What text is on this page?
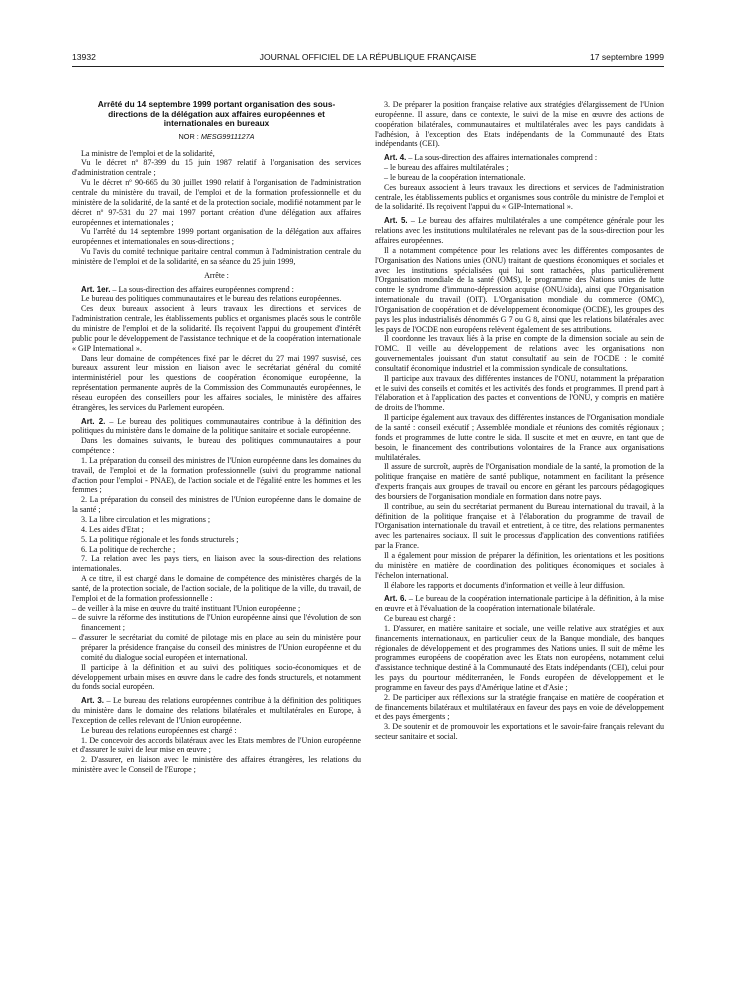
13932	JOURNAL OFFICIEL DE LA RÉPUBLIQUE FRANÇAISE	17 septembre 1999
Arrêté du 14 septembre 1999 portant organisation des sous-directions de la délégation aux affaires européennes et internationales en bureaux
NOR : MESG9911127A

La ministre de l'emploi et de la solidarité,

Vu le décret nº 87-399 du 15 juin 1987 relatif à l'organisation des services d'administration centrale ;

Vu le décret nº 90-665 du 30 juillet 1990 relatif à l'organisation de l'administration centrale du ministère du travail, de l'emploi et de la formation professionnelle et du ministère de la solidarité, de la santé et de la protection sociale, modifié notamment par le décret nº 97-531 du 27 mai 1997 portant création d'une délégation aux affaires européennes et internationales ;

Vu l'arrêté du 14 septembre 1999 portant organisation de la délégation aux affaires européennes et internationales en sous-directions ;

Vu l'avis du comité technique paritaire central commun à l'administration centrale du ministère de l'emploi et de la solidarité, en sa séance du 25 juin 1999,

Arrête :

Art. 1er. – La sous-direction des affaires européennes comprend :

Le bureau des politiques communautaires et le bureau des relations européennes.

Ces deux bureaux associent à leurs travaux les directions et services de l'administration centrale, les établissements publics et organismes placés sous le contrôle du ministre de l'emploi et de la solidarité. Ils reçoivent l'appui du groupement d'intérêt public pour le développement de l'assistance technique et de la coopération internationale « GIP International ».

Dans leur domaine de compétences fixé par le décret du 27 mai 1997 susvisé, ces bureaux assurent leur mission en liaison avec le secrétariat général du comité interministériel pour les questions de coopération économique européenne, la représentation permanente auprès de la Commission des Communautés européennes, le réseau européen des conseillers pour les affaires sociales, le ministère des affaires étrangères, les services du Parlement européen.

Art. 2. – Le bureau des politiques communautaires contribue à la définition des politiques du ministère dans le domaine de la politique sanitaire et sociale européenne.

Dans les domaines suivants, le bureau des politiques communautaires a pour compétence :

1. La préparation du conseil des ministres de l'Union européenne dans les domaines du travail, de l'emploi et de la formation professionnelle (suivi du programme national d'action pour l'emploi - PNAE), de l'action sociale et de l'égalité entre les hommes et les femmes ;

2. La préparation du conseil des ministres de l'Union européenne dans le domaine de la santé ;

3. La libre circulation et les migrations ;

4. Les aides d'Etat ;

5. La politique régionale et les fonds structurels ;

6. La politique de recherche ;

7. La relation avec les pays tiers, en liaison avec la sous-direction des relations internationales.

A ce titre, il est chargé dans le domaine de compétence des ministères chargés de la santé, de la protection sociale, de l'action sociale, de la politique de la ville, du travail, de l'emploi et de la formation professionnelle :

– de veiller à la mise en œuvre du traité instituant l'Union européenne ;

– de suivre la réforme des institutions de l'Union européenne ainsi que l'évolution de son financement ;

– d'assurer le secrétariat du comité de pilotage mis en place au sein du ministère pour préparer la présidence française du conseil des ministres de l'Union européenne et du comité du dialogue social européen et international.

Il participe à la définition et au suivi des politiques socio-économiques et de développement urbain mises en œuvre dans le cadre des fonds structurels, et notamment du fonds social européen.

Art. 3. – Le bureau des relations européennes contribue à la définition des politiques du ministère dans le domaine des relations bilatérales et multilatérales en Europe, à l'exception de celles relevant de l'Union européenne.

Le bureau des relations européennes est chargé :

1. De concevoir des accords bilatéraux avec les Etats membres de l'Union européenne et d'assurer le suivi de leur mise en œuvre ;

2. D'assurer, en liaison avec le ministère des affaires étrangères, les relations du ministère avec le Conseil de l'Europe ;

3. De préparer la position française relative aux stratégies d'élargissement de l'Union européenne. Il assure, dans ce contexte, le suivi de la mise en œuvre des actions de coopération bilatérales, communautaires et multilatérales avec les pays candidats à l'adhésion, à l'exception des Etats indépendants de la Communauté des Etats indépendants (CEI).

Art. 4. – La sous-direction des affaires internationales comprend :

– le bureau des affaires multilatérales ;

– le bureau de la coopération internationale.

Ces bureaux associent à leurs travaux les directions et services de l'administration centrale, les établissements publics et organismes sous contrôle du ministre de l'emploi et de la solidarité. Ils reçoivent l'appui du « GIP-International ».

Art. 5. – Le bureau des affaires multilatérales a une compétence générale pour les relations avec les institutions multilatérales ne relevant pas de la sous-direction pour les affaires européennes.

Il a notamment compétence pour les relations avec les différentes composantes de l'Organisation des Nations unies (ONU) traitant de questions économiques et sociales et avec les institutions spécialisées qui lui sont rattachées, plus particulièrement l'Organisation mondiale de la santé (OMS), le programme des Nations unies de lutte contre le syndrome d'immuno-dépression acquise (ONU/sida), ainsi que l'Organisation internationale du travail (OIT). L'Organisation mondiale du commerce (OMC), l'Organisation de coopération et de développement économique (OCDE), les groupes des pays les plus industrialisés dénommés G 7 ou G 8, ainsi que les relations bilatérales avec les pays de l'OCDE non européens relèvent également de ses attributions.

Il coordonne les travaux liés à la prise en compte de la dimension sociale au sein de l'OMC. Il veille au développement de relations avec les organisations non gouvernementales jouissant d'un statut consultatif au sein de l'OCDE : le comité consultatif économique industriel et la commission syndicale de consultations.

Il participe aux travaux des différentes instances de l'ONU, notamment la préparation et le suivi des conseils et comités et les activités des fonds et programmes. Il prend part à l'élaboration et à l'application des pactes et conventions de l'ONU, y compris en matière de droits de l'homme.

Il participe également aux travaux des différentes instances de l'Organisation mondiale de la santé : conseil exécutif ; Assemblée mondiale et réunions des comités régionaux ; fonds et programmes de lutte contre le sida. Il suscite et met en œuvre, en tant que de besoin, le financement des contributions volontaires de la France aux organisations multilatérales.

Il assure de surcroît, auprès de l'Organisation mondiale de la santé, la promotion de la politique française en matière de santé publique, notamment en facilitant la présence d'experts français aux groupes de travail ou encore en gérant les parcours pédagogiques des boursiers de l'organisation mondiale en formation dans notre pays.

Il contribue, au sein du secrétariat permanent du Bureau international du travail, à la définition de la politique française et à l'élaboration du programme de travail de l'Organisation internationale du travail et entretient, à ce titre, des relations permanentes avec les partenaires sociaux. Il suit le processus d'application des conventions ratifiées par la France.

Il a également pour mission de préparer la définition, les orientations et les positions du ministère en matière de coordination des politiques économiques et sociales à l'échelon international.

Il élabore les rapports et documents d'information et veille à leur diffusion.

Art. 6. – Le bureau de la coopération internationale participe à la définition, à la mise en œuvre et à l'évaluation de la coopération internationale bilatérale.

Ce bureau est chargé :

1. D'assurer, en matière sanitaire et sociale, une veille relative aux stratégies et aux financements internationaux, en particulier ceux de la Banque mondiale, des banques régionales de développement et des programmes des Nations unies. Il suit de même les programmes européens de coopération avec les Etats non européens, notamment celui d'assistance technique destiné à la Communauté des Etats indépendants (CEI), celui pour les pays du pourtour méditerranéen, le Fonds européen de développement et le programme en faveur des pays d'Amérique latine et d'Asie ;

2. De participer aux réflexions sur la stratégie française en matière de coopération et de financements bilatéraux et multilatéraux en faveur des pays en voie de développement et des pays émergents ;

3. De soutenir et de promouvoir les exportations et le savoir-faire français relevant du secteur sanitaire et social.
